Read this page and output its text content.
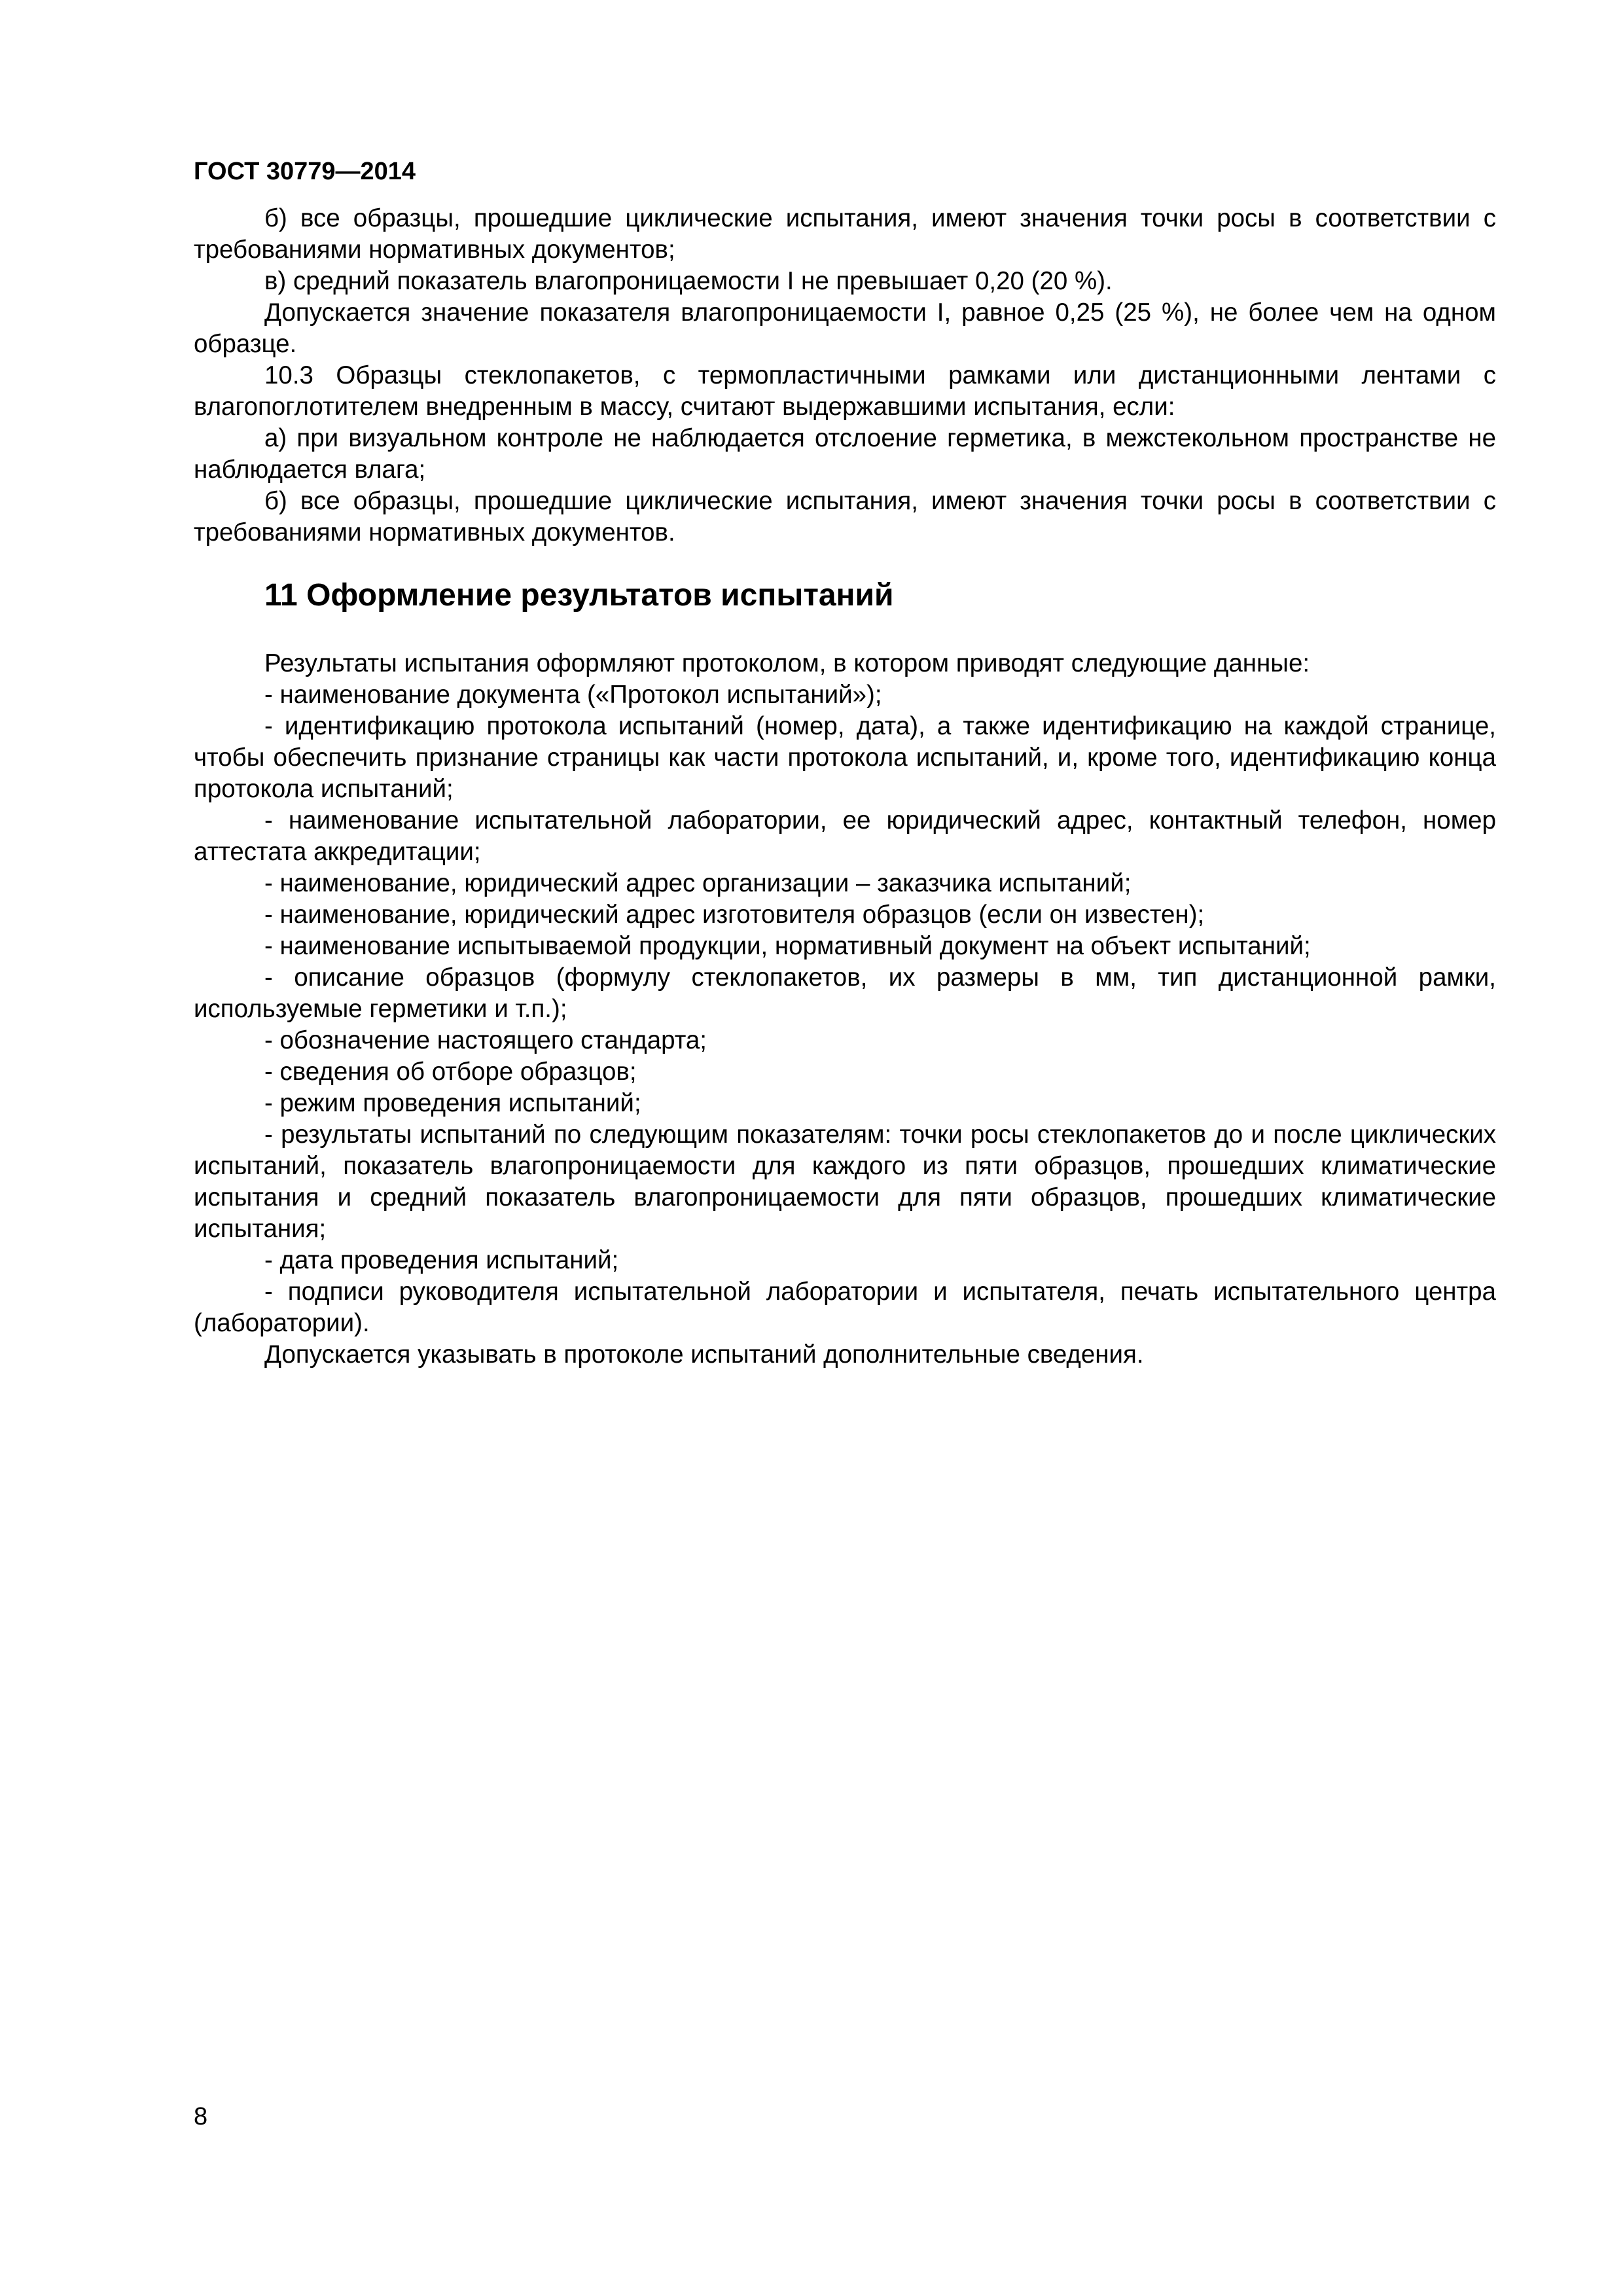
ГОСТ 30779—2014

б) все образцы, прошедшие циклические испытания, имеют значения точки росы в соответствии с требованиями нормативных документов;

в) средний показатель влагопроницаемости I не превышает 0,20 (20 %).

Допускается значение показателя влагопроницаемости I, равное 0,25 (25 %), не более чем на одном образце.

10.3 Образцы стеклопакетов, с термопластичными рамками или дистанционными лентами с влагопоглотителем внедренным в массу, считают выдержавшими испытания, если:

а) при визуальном контроле не наблюдается отслоение герметика, в межстекольном пространстве не наблюдается влага;

б) все образцы, прошедшие циклические испытания, имеют значения точки росы в соответствии с требованиями нормативных документов.

11 Оформление результатов испытаний

Результаты испытания оформляют протоколом, в котором приводят следующие данные:

- наименование документа («Протокол испытаний»);

- идентификацию протокола испытаний (номер, дата), а также идентификацию на каждой странице, чтобы обеспечить признание страницы как части протокола испытаний, и, кроме того, идентификацию конца протокола испытаний;

- наименование испытательной лаборатории, ее юридический адрес, контактный телефон, номер аттестата аккредитации;

- наименование, юридический адрес организации – заказчика испытаний;

- наименование, юридический адрес изготовителя образцов (если он известен);

- наименование испытываемой продукции, нормативный документ на объект испытаний;

- описание образцов (формулу стеклопакетов, их размеры в мм, тип дистанционной рамки, используемые герметики и т.п.);

- обозначение настоящего стандарта;

- сведения об отборе образцов;

- режим проведения испытаний;

- результаты испытаний по следующим показателям: точки росы стеклопакетов до и после циклических испытаний, показатель влагопроницаемости для каждого из пяти образцов, прошедших климатические испытания и средний показатель влагопроницаемости для пяти образцов, прошедших климатические испытания;

- дата проведения испытаний;

- подписи руководителя испытательной лаборатории и испытателя, печать испытательного центра (лаборатории).

Допускается указывать в протоколе испытаний дополнительные сведения.

8
